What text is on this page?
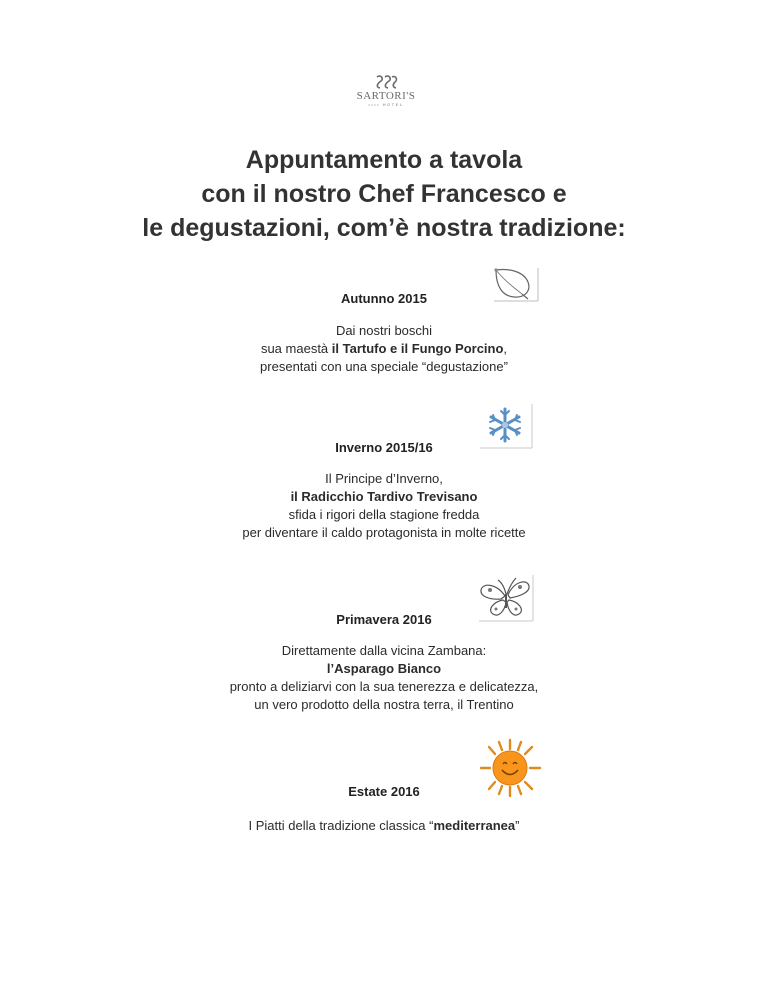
SARTORI'S
•••• HOTEL
Appuntamento a tavola
con il nostro Chef Francesco e
le degustazioni, com’è nostra tradizione:
Autunno 2015
Dai nostri boschi
sua maestà il Tartufo e il Fungo Porcino,
presentati con una speciale “degustazione”
Inverno 2015/16
Il Principe d’Inverno,
il Radicchio Tardivo Trevisano
sfida i rigori della stagione fredda
per diventare il caldo protagonista in molte ricette
Primavera 2016
Direttamente dalla vicina Zambana:
l’Asparago Bianco
pronto a deliziarvi con la sua tenerezza e delicatezza,
un vero prodotto della nostra terra, il Trentino
Estate 2016
I Piatti della tradizione classica “mediterranea”
